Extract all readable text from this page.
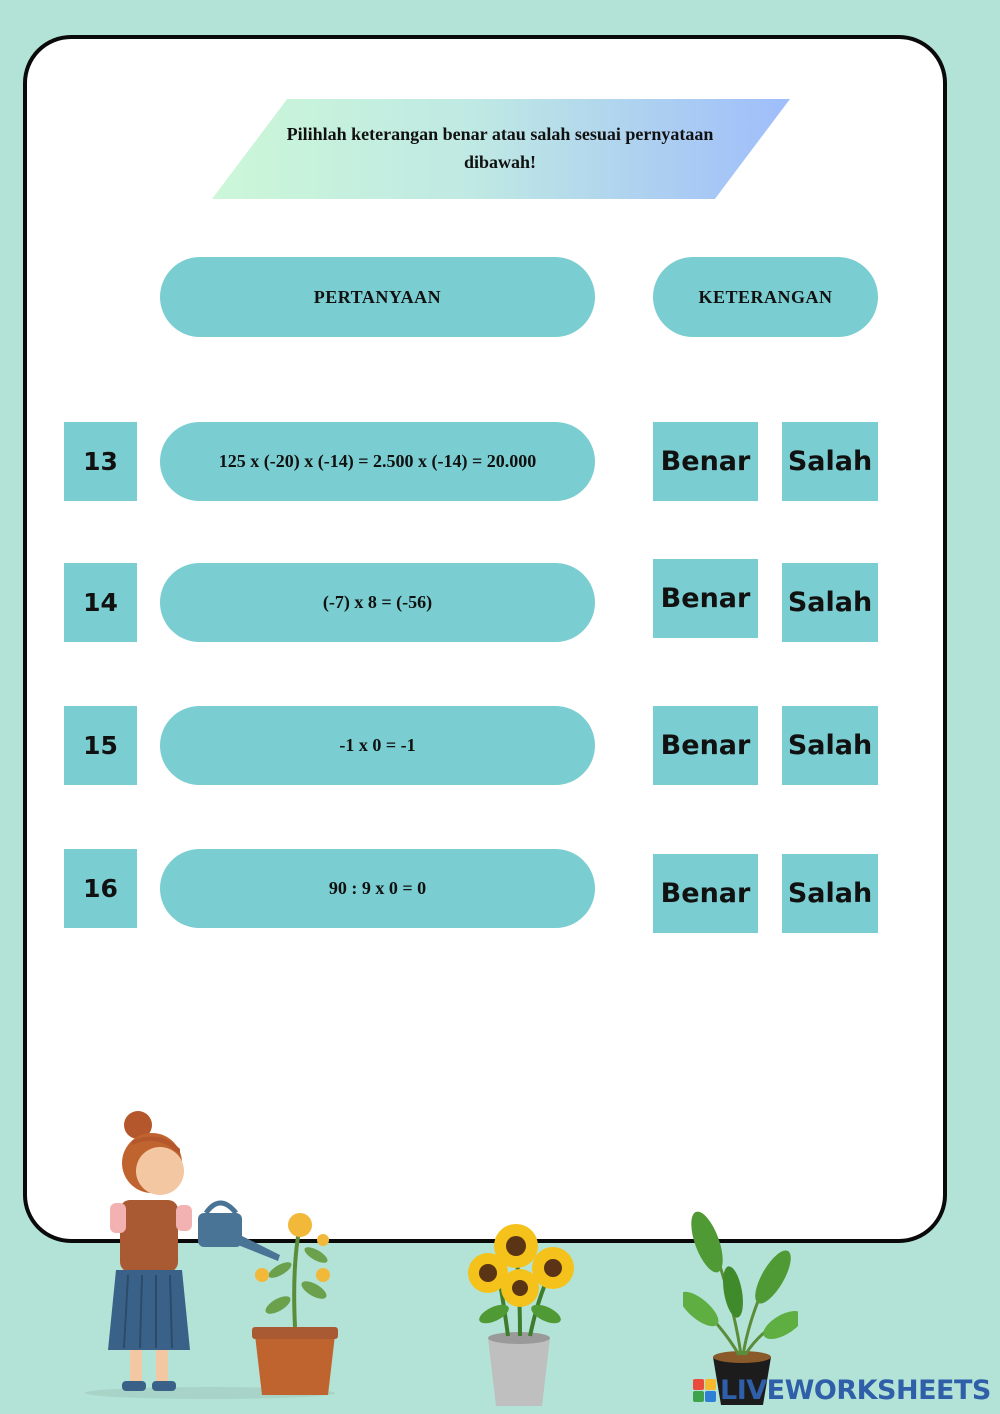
Pilihlah keterangan benar atau salah sesuai pernyataan dibawah!
PERTANYAAN	KETERANGAN
13	125 x (-20) x (-14) = 2.500 x (-14) = 20.000	Benar Salah
14	(-7) x 8 = (-56)	Benar Salah
15	-1 x 0 = -1	Benar Salah
16	90 : 9 x 0 = 0	Benar Salah
LIVEWORKSHEETS
